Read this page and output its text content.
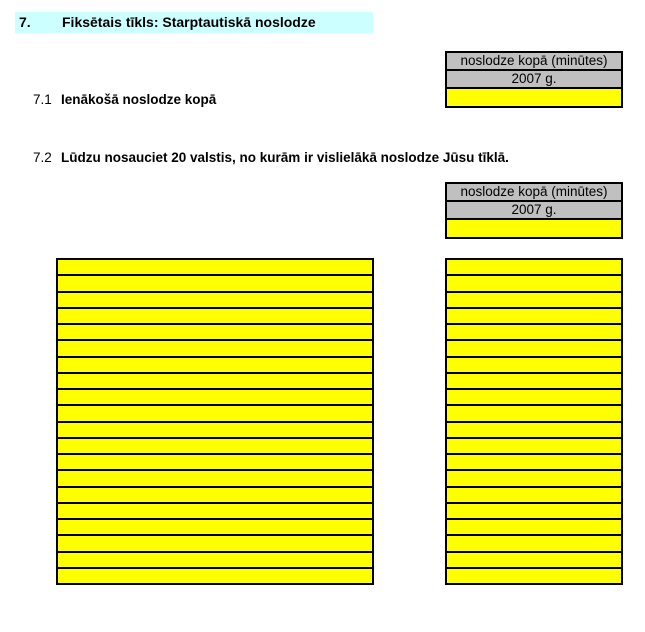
7. Fiksētais tīkls: Starptautiskā noslodze
7.1 Ienākošā noslodze kopā
noslodze kopā (minūtes)
2007 g.

7.2 Lūdzu nosauciet 20 valstis, no kurām ir vislielākā noslodze Jūsu tīklā.
noslodze kopā (minūtes)
2007 g.
